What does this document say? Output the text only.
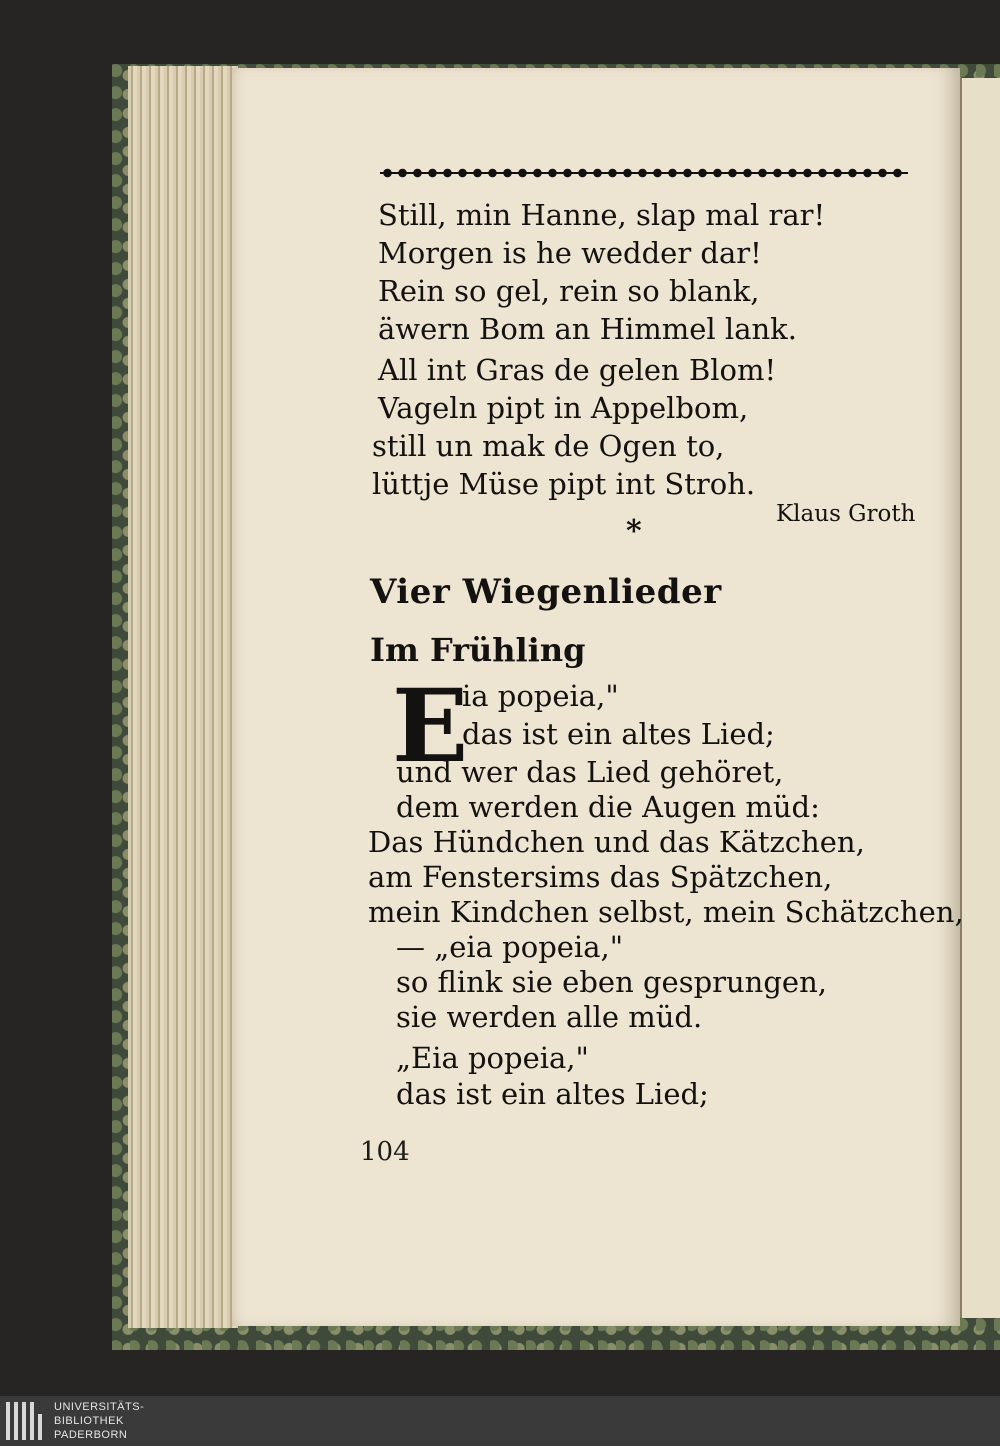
Still, min Hanne, slap mal rar!
Morgen is he wedder dar!
Rein so gel, rein so blank,
äwern Bom an Himmel lank.
All int Gras de gelen Blom!
Vageln pipt in Appelbom,
still un mak de Ogen to,
lüttje Müse pipt int Stroh.
Klaus Groth
*
Vier Wiegenlieder
Im Frühling
E
ia popeia,"
das ist ein altes Lied;
und wer das Lied gehöret,
dem werden die Augen müd:
Das Hündchen und das Kätzchen,
am Fenstersims das Spätzchen,
mein Kindchen selbst, mein Schätzchen,
— „eia popeia,"
so flink sie eben gesprungen,
sie werden alle müd.
„Eia popeia,"
das ist ein altes Lied;
104
UNIVERSITÄTS-
BIBLIOTHEK
PADERBORN
